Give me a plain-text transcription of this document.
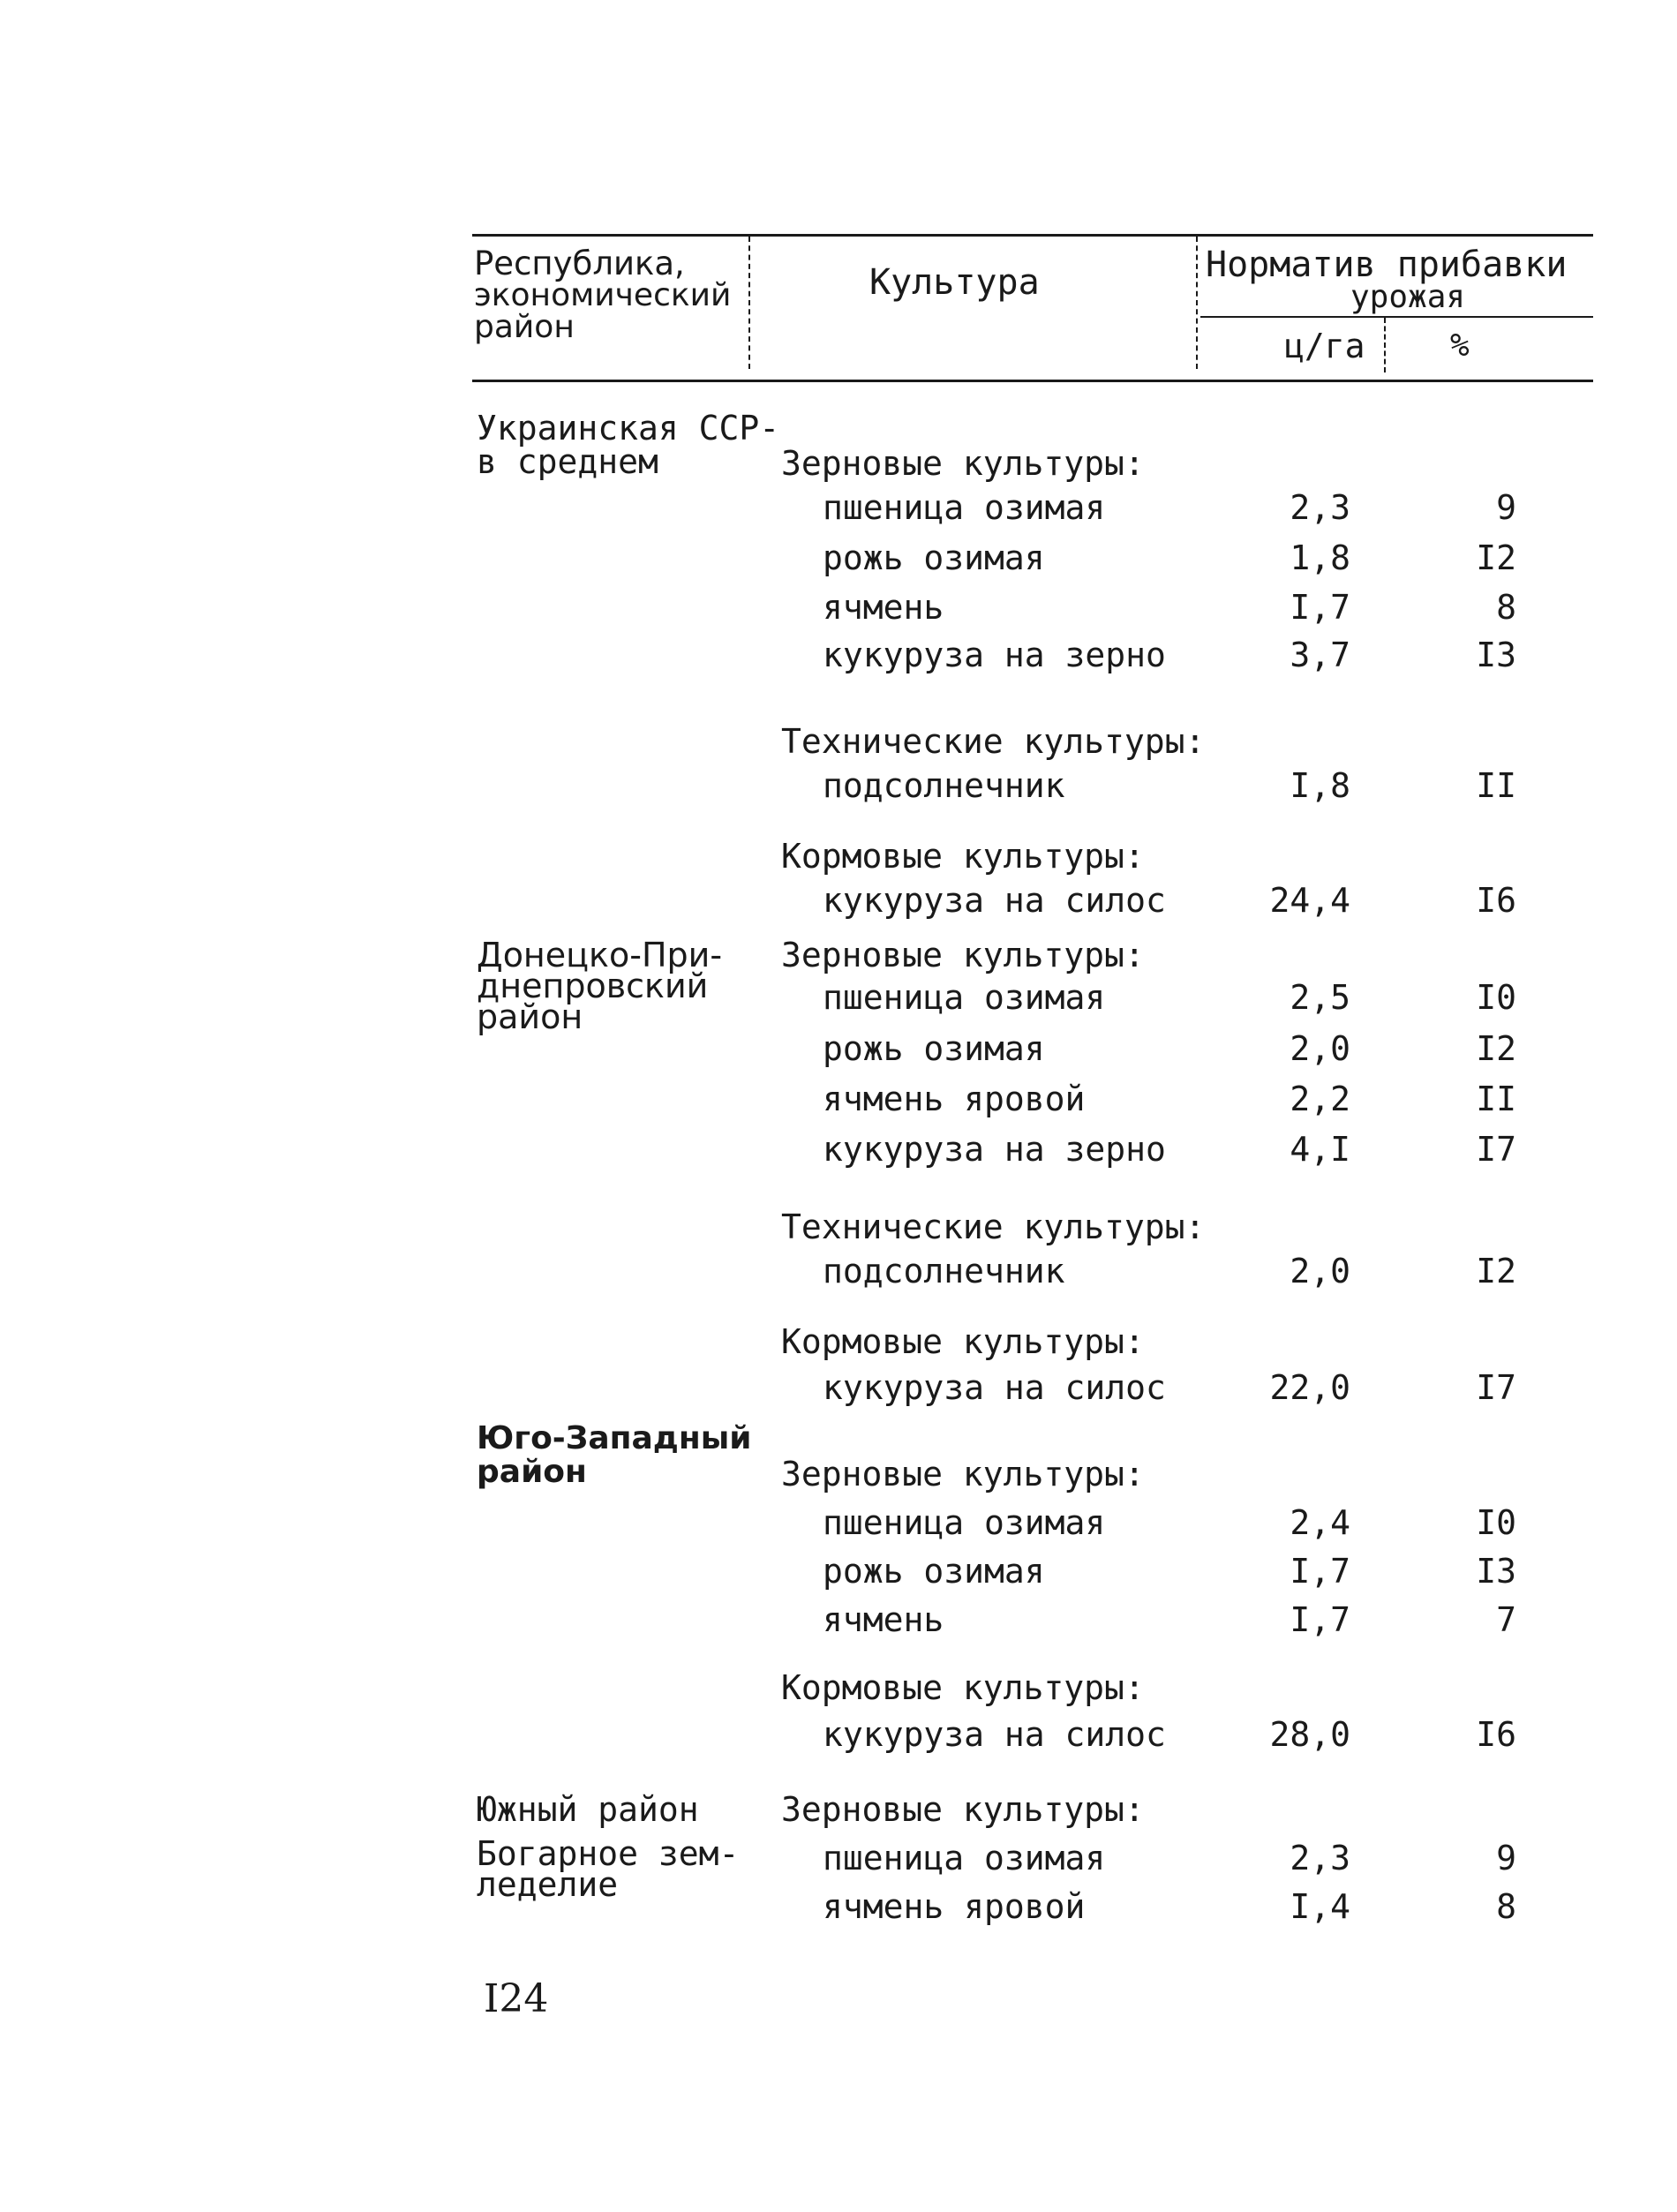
Республика,
экономический
район
Культура	Норматив прибавки
урожая
ц/га	%
Украинская ССР-
в среднем	Зерновые культуры:
пшеница озимая	2,3	9
рожь озимая	1,8	I2
ячмень	I,7	8
кукуруза на зерно	3,7	I3
Технические культуры:
подсолнечник	I,8	II
Кормовые культуры:
кукуруза на силос	24,4	I6
Донецко-При-
днепровский
район
Зерновые культуры:
пшеница озимая	2,5	I0
рожь озимая	2,0	I2
ячмень яровой	2,2	II
кукуруза на зерно	4,I	I7
Технические культуры:
подсолнечник	2,0	I2
Кормовые культуры:
кукуруза на силос	22,0	I7
Юго-Западный
район	Зерновые культуры:
пшеница озимая	2,4	I0
рожь озимая	I,7	I3
ячмень	I,7	7
Кормовые культуры:
кукуруза на силос	28,0	I6
Южный район
Богарное зем-
леделие
Зерновые культуры:
пшеница озимая	2,3	9
ячмень яровой	I,4	8
I24
